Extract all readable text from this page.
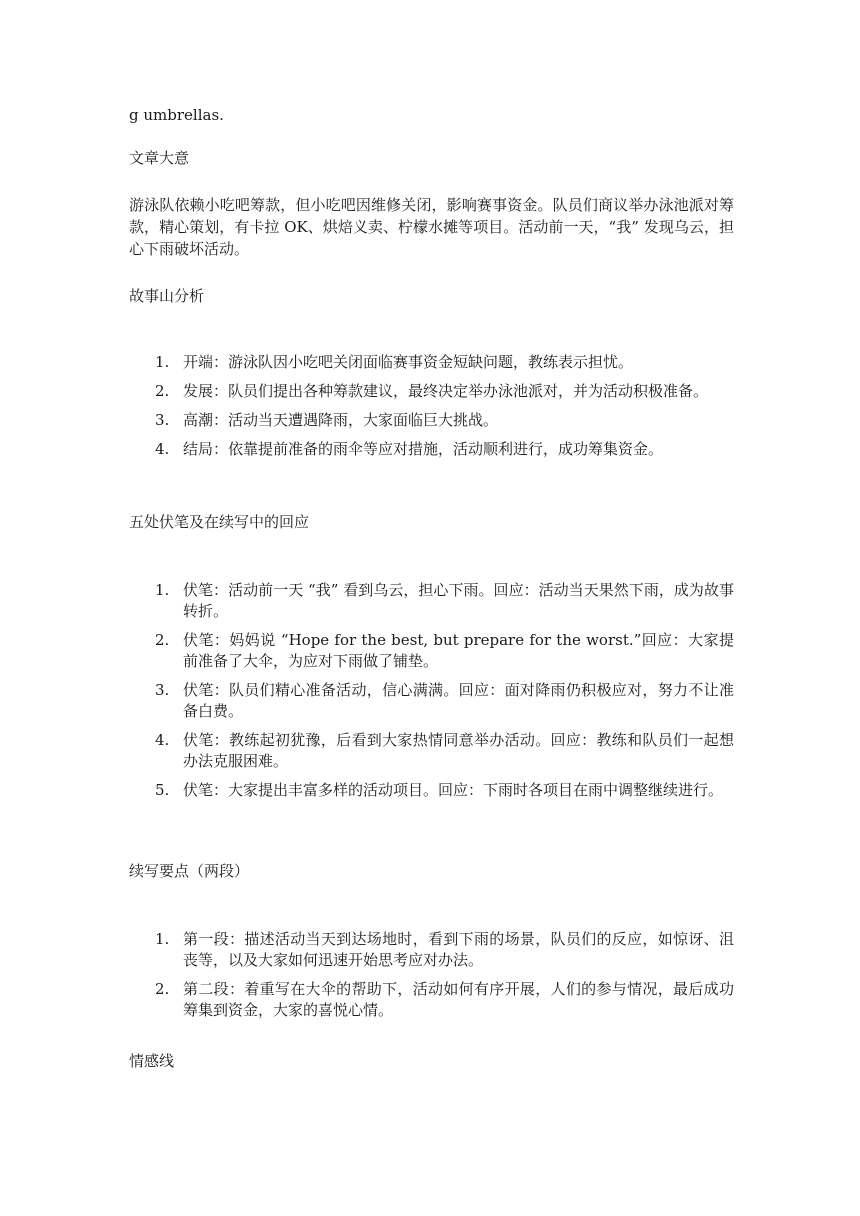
g umbrellas.
文章大意
游泳队依赖小吃吧筹款，但小吃吧因维修关闭，影响赛事资金。队员们商议举办泳池派对筹款，精心策划，有卡拉 OK、烘焙义卖、柠檬水摊等项目。活动前一天，“我” 发现乌云，担心下雨破坏活动。
故事山分析
1. 开端：游泳队因小吃吧关闭面临赛事资金短缺问题，教练表示担忧。
2. 发展：队员们提出各种筹款建议，最终决定举办泳池派对，并为活动积极准备。
3. 高潮：活动当天遭遇降雨，大家面临巨大挑战。
4. 结局：依靠提前准备的雨伞等应对措施，活动顺利进行，成功筹集资金。
五处伏笔及在续写中的回应
1. 伏笔：活动前一天 “我” 看到乌云，担心下雨。回应：活动当天果然下雨，成为故事转折。
2. 伏笔：妈妈说 “Hope for the best, but prepare for the worst.”回应：大家提前准备了大伞，为应对下雨做了铺垫。
3. 伏笔：队员们精心准备活动，信心满满。回应：面对降雨仍积极应对，努力不让准备白费。
4. 伏笔：教练起初犹豫，后看到大家热情同意举办活动。回应：教练和队员们一起想办法克服困难。
5. 伏笔：大家提出丰富多样的活动项目。回应：下雨时各项目在雨中调整继续进行。
续写要点（两段）
1. 第一段：描述活动当天到达场地时，看到下雨的场景，队员们的反应，如惊讶、沮丧等，以及大家如何迅速开始思考应对办法。
2. 第二段：着重写在大伞的帮助下，活动如何有序开展，人们的参与情况，最后成功筹集到资金，大家的喜悦心情。
情感线
